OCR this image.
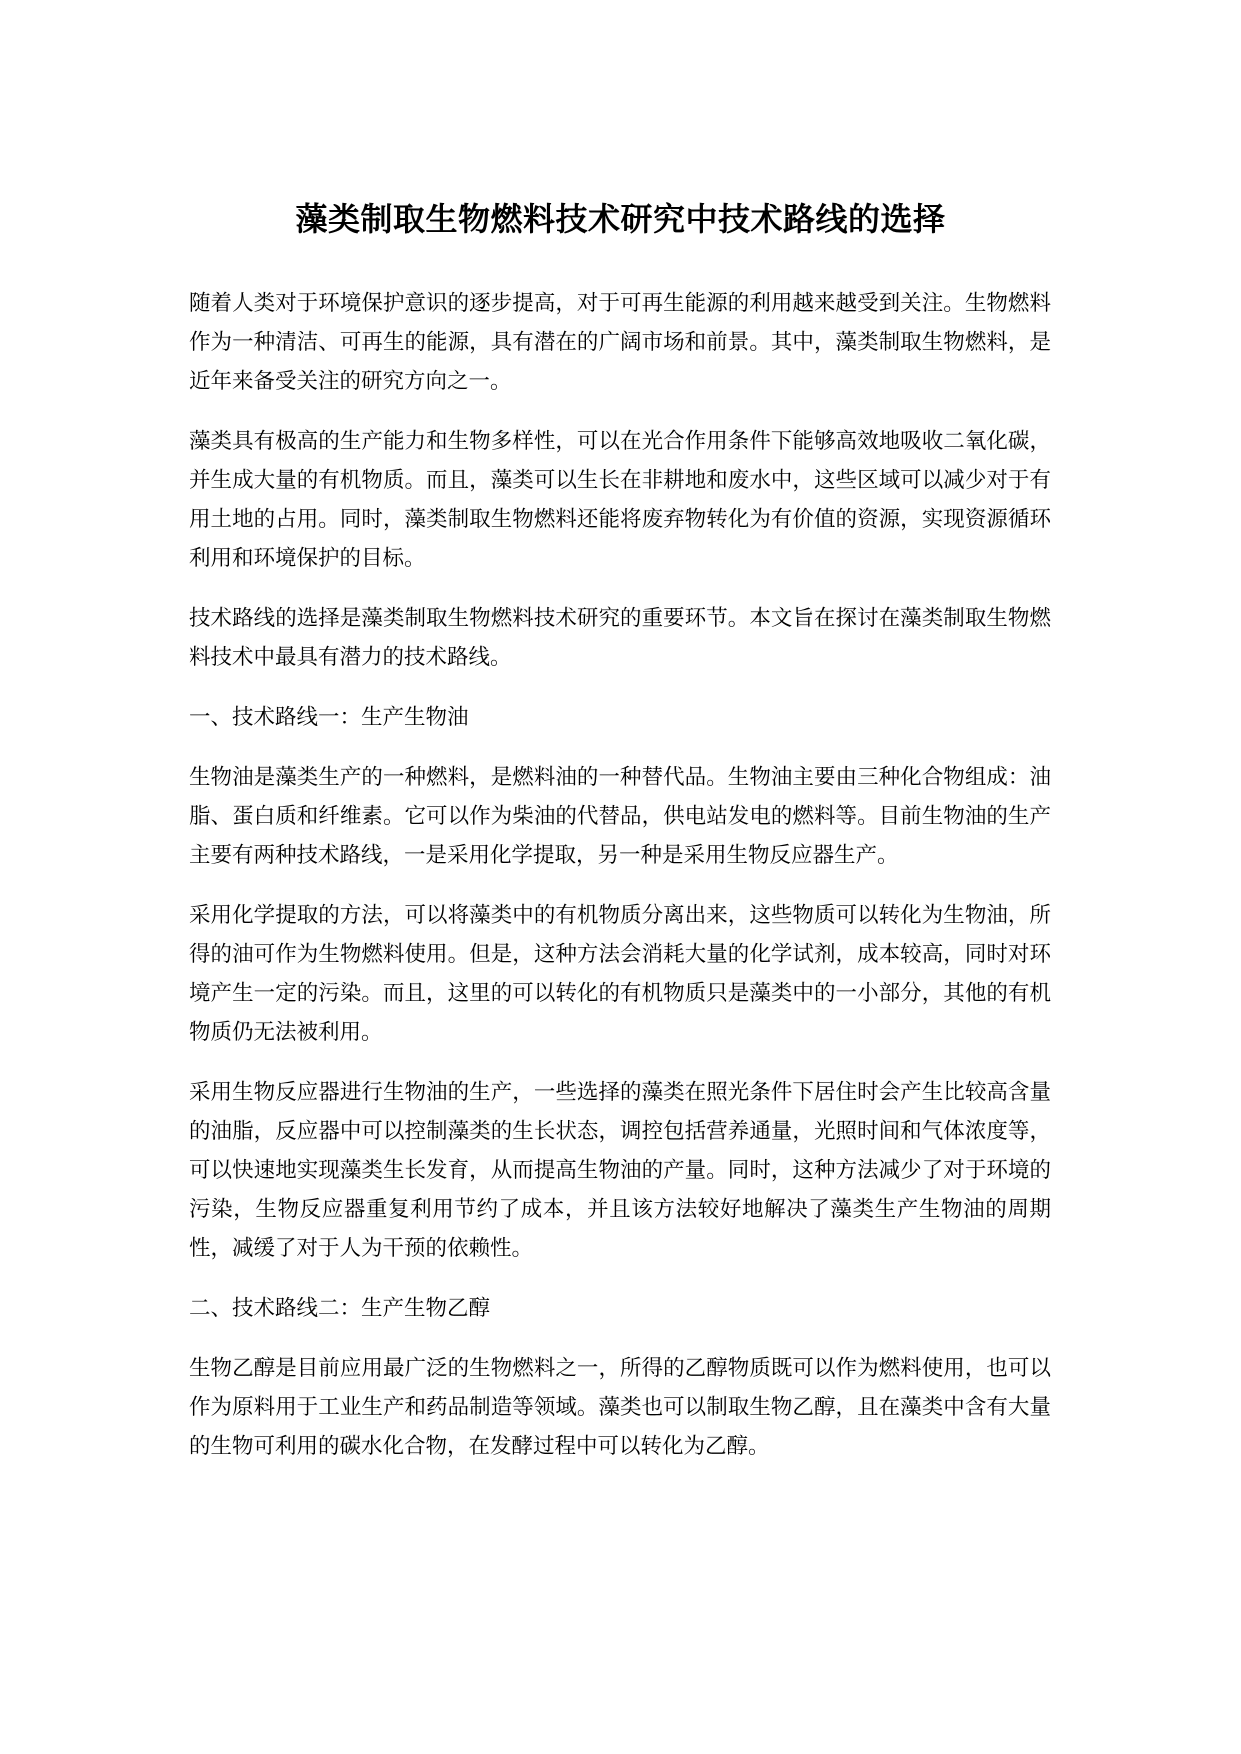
藻类制取生物燃料技术研究中技术路线的选择

随着人类对于环境保护意识的逐步提高，对于可再生能源的利用越来越受到关注。生物燃料作为一种清洁、可再生的能源，具有潜在的广阔市场和前景。其中，藻类制取生物燃料，是近年来备受关注的研究方向之一。

藻类具有极高的生产能力和生物多样性，可以在光合作用条件下能够高效地吸收二氧化碳，并生成大量的有机物质。而且，藻类可以生长在非耕地和废水中，这些区域可以减少对于有用土地的占用。同时，藻类制取生物燃料还能将废弃物转化为有价值的资源，实现资源循环利用和环境保护的目标。

技术路线的选择是藻类制取生物燃料技术研究的重要环节。本文旨在探讨在藻类制取生物燃料技术中最具有潜力的技术路线。

一、技术路线一：生产生物油

生物油是藻类生产的一种燃料，是燃料油的一种替代品。生物油主要由三种化合物组成：油脂、蛋白质和纤维素。它可以作为柴油的代替品，供电站发电的燃料等。目前生物油的生产主要有两种技术路线，一是采用化学提取，另一种是采用生物反应器生产。

采用化学提取的方法，可以将藻类中的有机物质分离出来，这些物质可以转化为生物油，所得的油可作为生物燃料使用。但是，这种方法会消耗大量的化学试剂，成本较高，同时对环境产生一定的污染。而且，这里的可以转化的有机物质只是藻类中的一小部分，其他的有机物质仍无法被利用。

采用生物反应器进行生物油的生产，一些选择的藻类在照光条件下居住时会产生比较高含量的油脂，反应器中可以控制藻类的生长状态，调控包括营养通量，光照时间和气体浓度等，可以快速地实现藻类生长发育，从而提高生物油的产量。同时，这种方法减少了对于环境的污染，生物反应器重复利用节约了成本，并且该方法较好地解决了藻类生产生物油的周期性，减缓了对于人为干预的依赖性。

二、技术路线二：生产生物乙醇

生物乙醇是目前应用最广泛的生物燃料之一，所得的乙醇物质既可以作为燃料使用，也可以作为原料用于工业生产和药品制造等领域。藻类也可以制取生物乙醇，且在藻类中含有大量的生物可利用的碳水化合物，在发酵过程中可以转化为乙醇。
